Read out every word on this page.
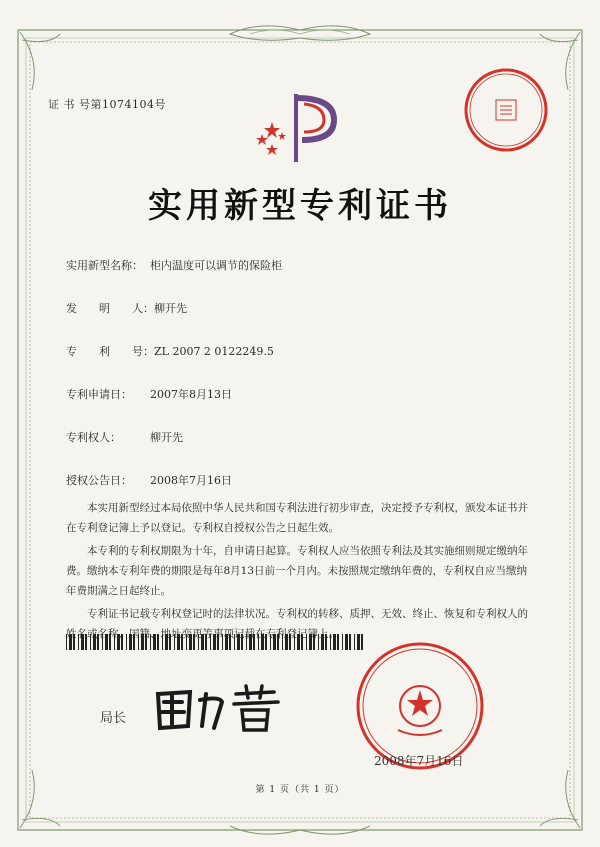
证 书 号第1074104号
实用新型专利证书
实用新型名称： 柜内温度可以调节的保险柜
发　　明　　人：柳开先
专　　利　　号：ZL 2007 2 0122249.5
专利申请日： 2007年8月13日
专利权人：	柳开先
授权公告日： 2008年7月16日
本实用新型经过本局依照中华人民共和国专利法进行初步审查，决定授予专利权，颁发本证书并在专利登记簿上予以登记。专利权自授权公告之日起生效。
本专利的专利权期限为十年，自申请日起算。专利权人应当依照专利法及其实施细则规定缴纳年费。缴纳本专利年费的期限是每年8月13日前一个月内。未按照规定缴纳年费的，专利权自应当缴纳年费期满之日起终止。
专利证书记载专利权登记时的法律状况。专利权的转移、质押、无效、终止、恢复和专利权人的姓名或名称、国籍、 址变更等事项记载在专利登记簿上。
局长
2008年7月16日
第 1 页（共 1 页）
